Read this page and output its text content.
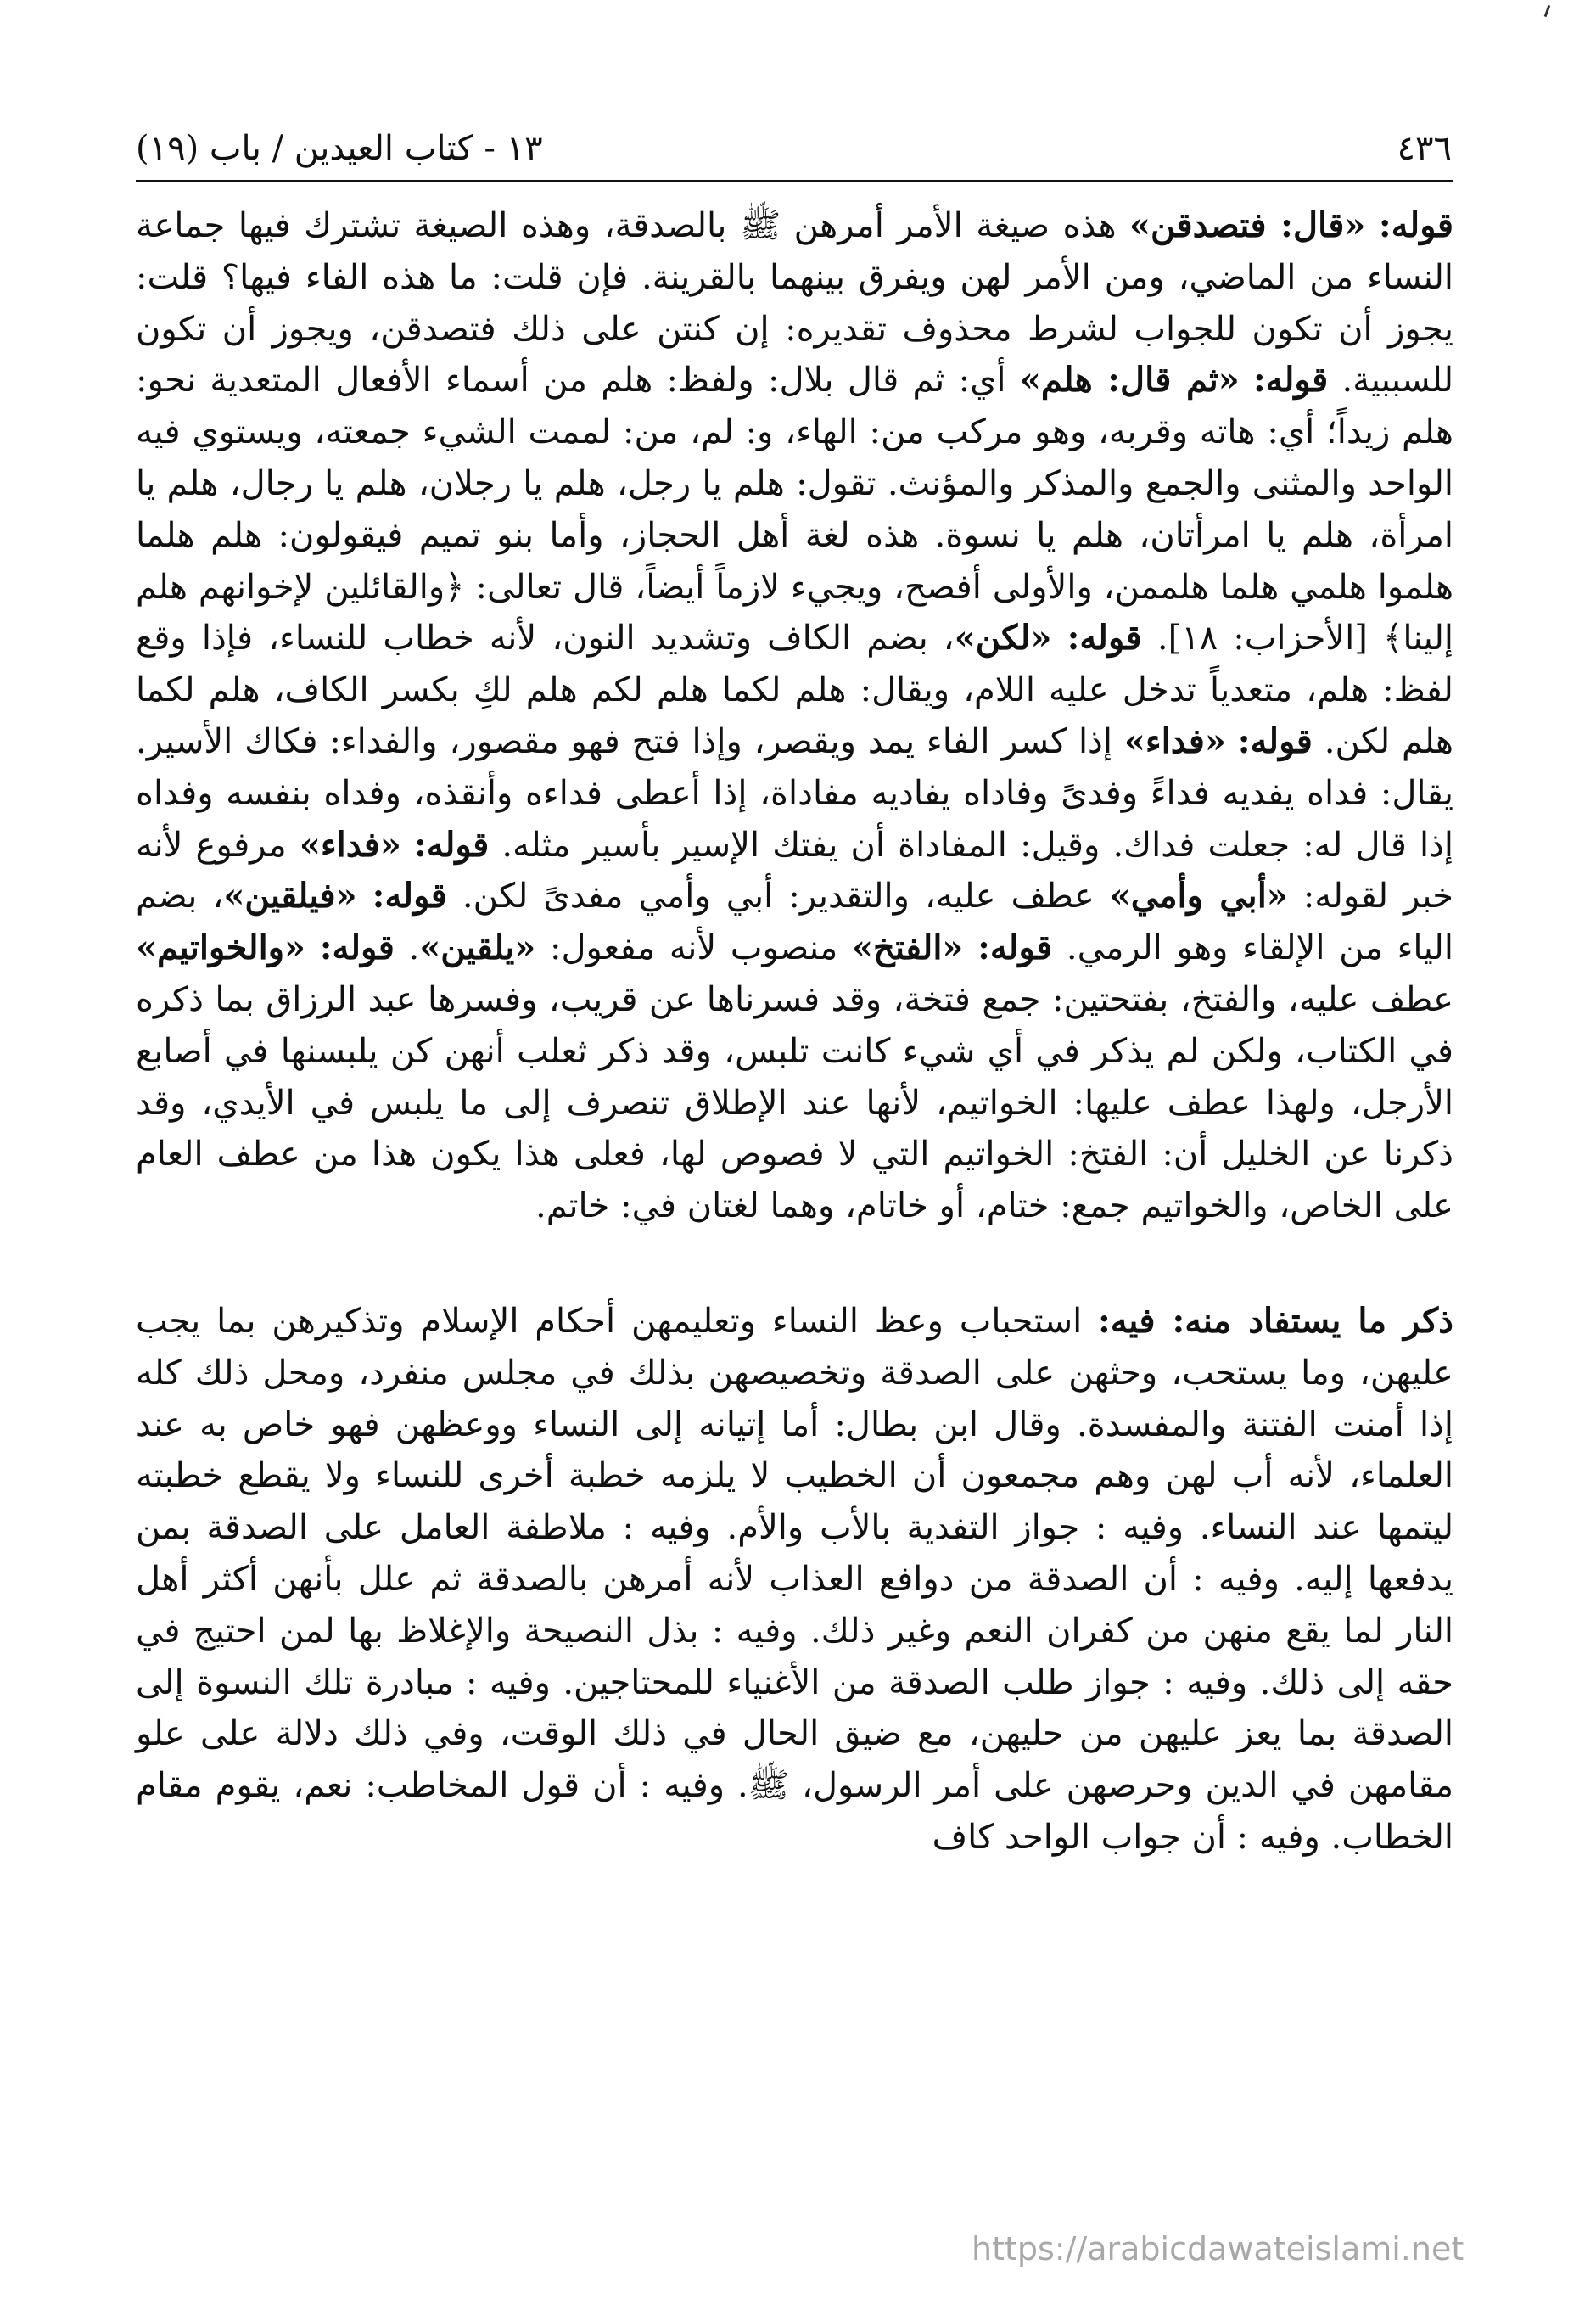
٤٣٦
١٣ - كتاب العيدين / باب (١٩)

قوله: «قال: فتصدقن» هذه صيغة الأمر أمرهن ﷺ بالصدقة، وهذه الصيغة تشترك فيها جماعة النساء من الماضي، ومن الأمر لهن ويفرق بينهما بالقرينة. فإن قلت: ما هذه الفاء فيها؟ قلت: يجوز أن تكون للجواب لشرط محذوف تقديره: إن كنتن على ذلك فتصدقن، ويجوز أن تكون للسببية. قوله: «ثم قال: هلم» أي: ثم قال بلال: ولفظ: هلم من أسماء الأفعال المتعدية نحو: هلم زيداً؛ أي: هاته وقربه، وهو مركب من: الهاء، و: لم، من: لممت الشيء جمعته، ويستوي فيه الواحد والمثنى والجمع والمذكر والمؤنث. تقول: هلم يا رجل، هلم يا رجلان، هلم يا رجال، هلم يا امرأة، هلم يا امرأتان، هلم يا نسوة. هذه لغة أهل الحجاز، وأما بنو تميم فيقولون: هلم هلما هلموا هلمي هلما هلممن، والأولى أفصح، ويجيء لازماً أيضاً، قال تعالى: ﴿والقائلين لإخوانهم هلم إلينا﴾ [الأحزاب: ١٨]. قوله: «لكن»، بضم الكاف وتشديد النون، لأنه خطاب للنساء، فإذا وقع لفظ: هلم، متعدياً تدخل عليه اللام، ويقال: هلم لكما هلم لكم هلم لكِ بكسر الكاف، هلم لكما هلم لكن. قوله: «فداء» إذا كسر الفاء يمد ويقصر، وإذا فتح فهو مقصور، والفداء: فكاك الأسير. يقال: فداه يفديه فداءً وفدىً وفاداه يفاديه مفاداة، إذا أعطى فداءه وأنقذه، وفداه بنفسه وفداه إذا قال له: جعلت فداك. وقيل: المفاداة أن يفتك الإسير بأسير مثله. قوله: «فداء» مرفوع لأنه خبر لقوله: «أبي وأمي» عطف عليه، والتقدير: أبي وأمي مفدىً لكن. قوله: «فيلقين»، بضم الياء من الإلقاء وهو الرمي. قوله: «الفتخ» منصوب لأنه مفعول: «يلقين». قوله: «والخواتيم» عطف عليه، والفتخ، بفتحتين: جمع فتخة، وقد فسرناها عن قريب، وفسرها عبد الرزاق بما ذكره في الكتاب، ولكن لم يذكر في أي شيء كانت تلبس، وقد ذكر ثعلب أنهن كن يلبسنها في أصابع الأرجل، ولهذا عطف عليها: الخواتيم، لأنها عند الإطلاق تنصرف إلى ما يلبس في الأيدي، وقد ذكرنا عن الخليل أن: الفتخ: الخواتيم التي لا فصوص لها، فعلى هذا يكون هذا من عطف العام على الخاص، والخواتيم جمع: ختام، أو خاتام، وهما لغتان في: خاتم.

ذكر ما يستفاد منه: فيه: استحباب وعظ النساء وتعليمهن أحكام الإسلام وتذكيرهن بما يجب عليهن، وما يستحب، وحثهن على الصدقة وتخصيصهن بذلك في مجلس منفرد، ومحل ذلك كله إذا أمنت الفتنة والمفسدة. وقال ابن بطال: أما إتيانه إلى النساء ووعظهن فهو خاص به عند العلماء، لأنه أب لهن وهم مجمعون أن الخطيب لا يلزمه خطبة أخرى للنساء ولا يقطع خطبته ليتمها عند النساء. وفيه : جواز التفدية بالأب والأم. وفيه : ملاطفة العامل على الصدقة بمن يدفعها إليه. وفيه : أن الصدقة من دوافع العذاب لأنه أمرهن بالصدقة ثم علل بأنهن أكثر أهل النار لما يقع منهن من كفران النعم وغير ذلك. وفيه : بذل النصيحة والإغلاظ بها لمن احتيج في حقه إلى ذلك. وفيه : جواز طلب الصدقة من الأغنياء للمحتاجين. وفيه : مبادرة تلك النسوة إلى الصدقة بما يعز عليهن من حليهن، مع ضيق الحال في ذلك الوقت، وفي ذلك دلالة على علو مقامهن في الدين وحرصهن على أمر الرسول، ﷺ. وفيه : أن قول المخاطب: نعم، يقوم مقام الخطاب. وفيه : أن جواب الواحد كاف

https://arabicdawateislami.net
